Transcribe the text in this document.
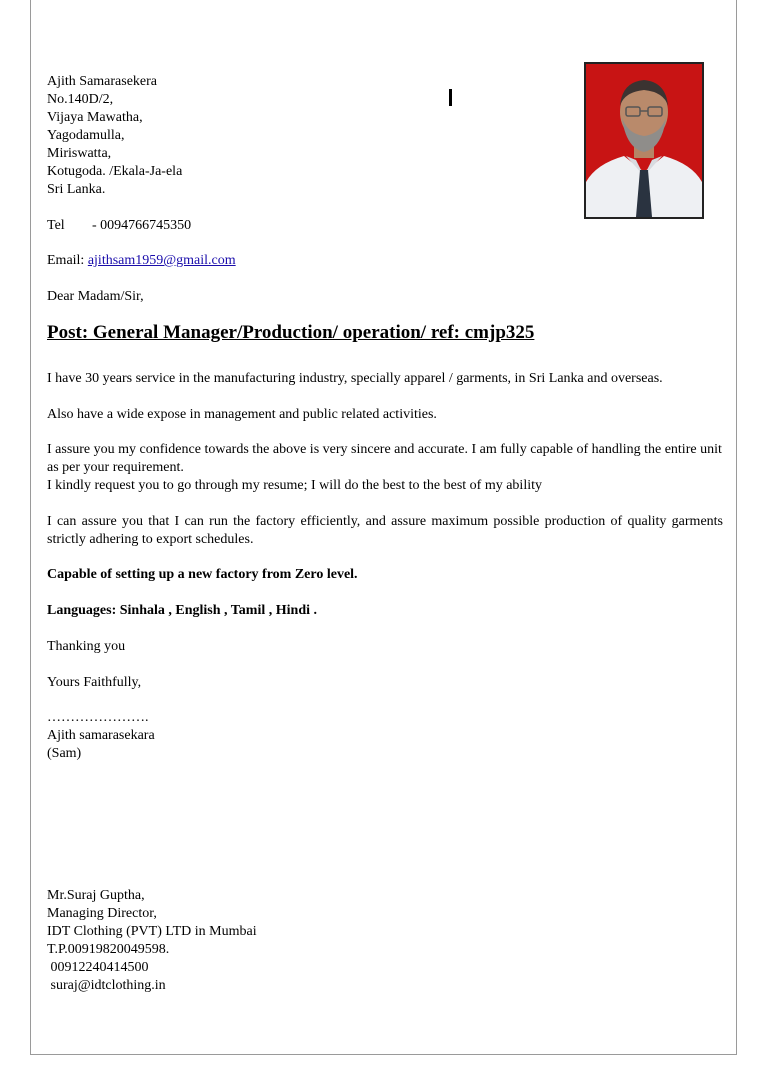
Ajith Samarasekera
No.140D/2,
Vijaya Mawatha,
Yagodamulla,
Miriswatta,
Kotugoda. /Ekala-Ja-ela
Sri Lanka.
Tel - 0094766745350
Email: ajithsam1959@gmail.com
Dear Madam/Sir,
Post: General Manager/Production/ operation/ ref: cmjp325
I have 30 years service in the manufacturing industry, specially apparel / garments, in Sri Lanka and overseas.
Also have a wide expose in management and public related activities.
I assure you my confidence towards the above is very sincere and accurate. I am fully capable of handling the entire unit as per your requirement.
I kindly request you to go through my resume; I will do the best to the best of my ability
I can assure you that I can run the factory efficiently, and assure maximum possible production of quality garments strictly adhering to export schedules.
Capable of setting up a new factory from Zero level.
Languages: Sinhala , English , Tamil , Hindi .
Thanking you
Yours Faithfully,
………………….
Ajith samarasekara
(Sam)
Mr.Suraj Guptha,
Managing Director,
IDT Clothing (PVT) LTD in Mumbai
T.P.00919820049598.
00912240414500
suraj@idtclothing.in
